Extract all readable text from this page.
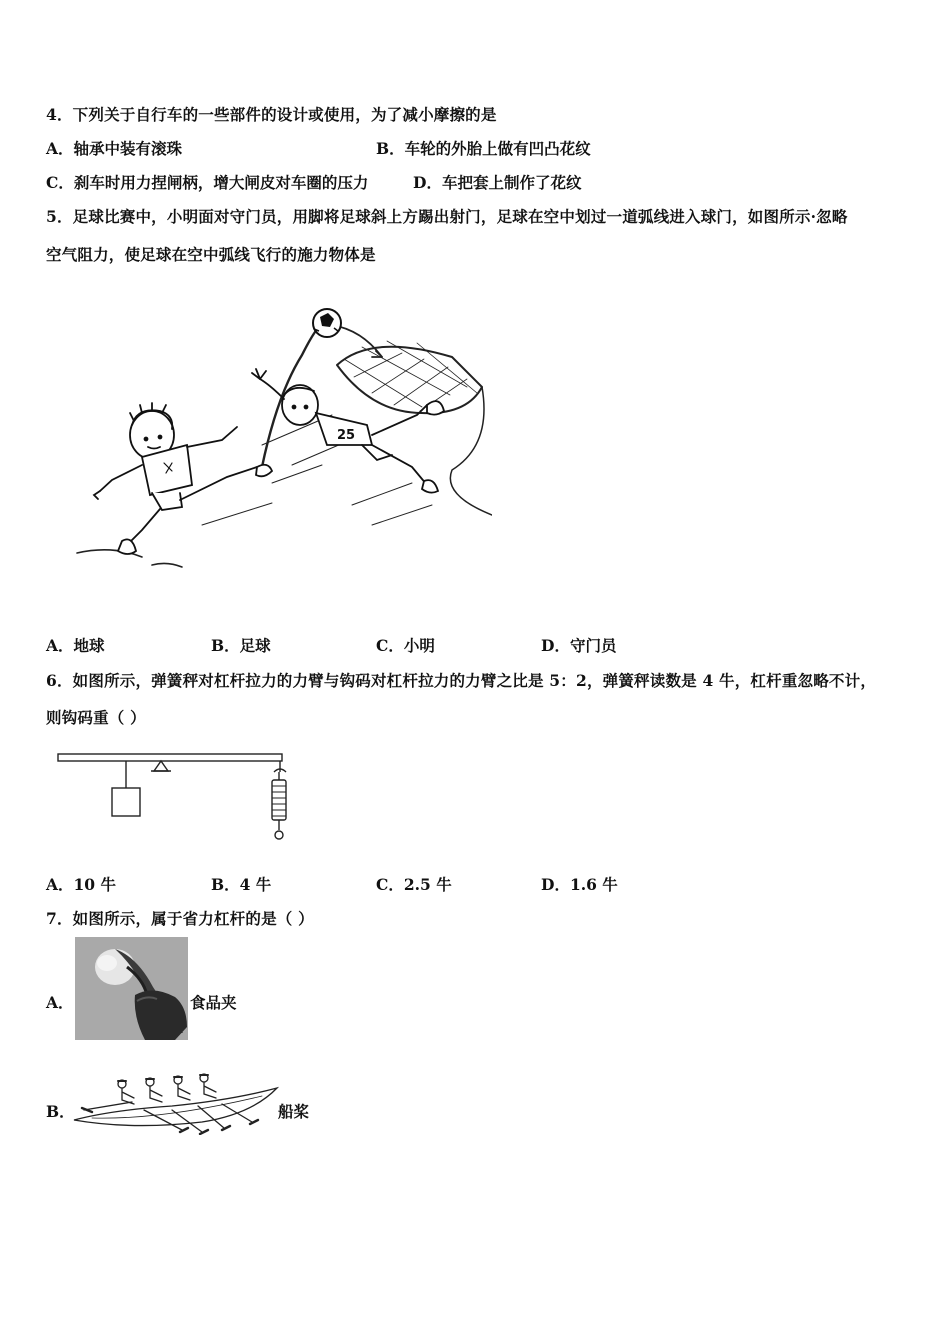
4．下列关于自行车的一些部件的设计或使用，为了减小摩擦的是
A．轴承中装有滚珠	B．车轮的外胎上做有凹凸花纹
C．刹车时用力捏闸柄，增大闸皮对车圈的压力	D．车把套上制作了花纹
5．足球比赛中，小明面对守门员，用脚将足球斜上方踢出射门，足球在空中划过一道弧线进入球门，如图所示·忽略
空气阻力，使足球在空中弧线飞行的施力物体是
25
A．地球	B．足球	C．小明	D．守门员
6．如图所示，弹簧秤对杠杆拉力的力臂与钩码对杠杆拉力的力臂之比是 5：2，弹簧秤读数是 4 牛，杠杆重忽略不计，
则钩码重（ ）
A．10 牛	B．4 牛	C．2.5 牛	D．1.6 牛
7．如图所示，属于省力杠杆的是（ ）
A．	食品夹
B．	船桨
